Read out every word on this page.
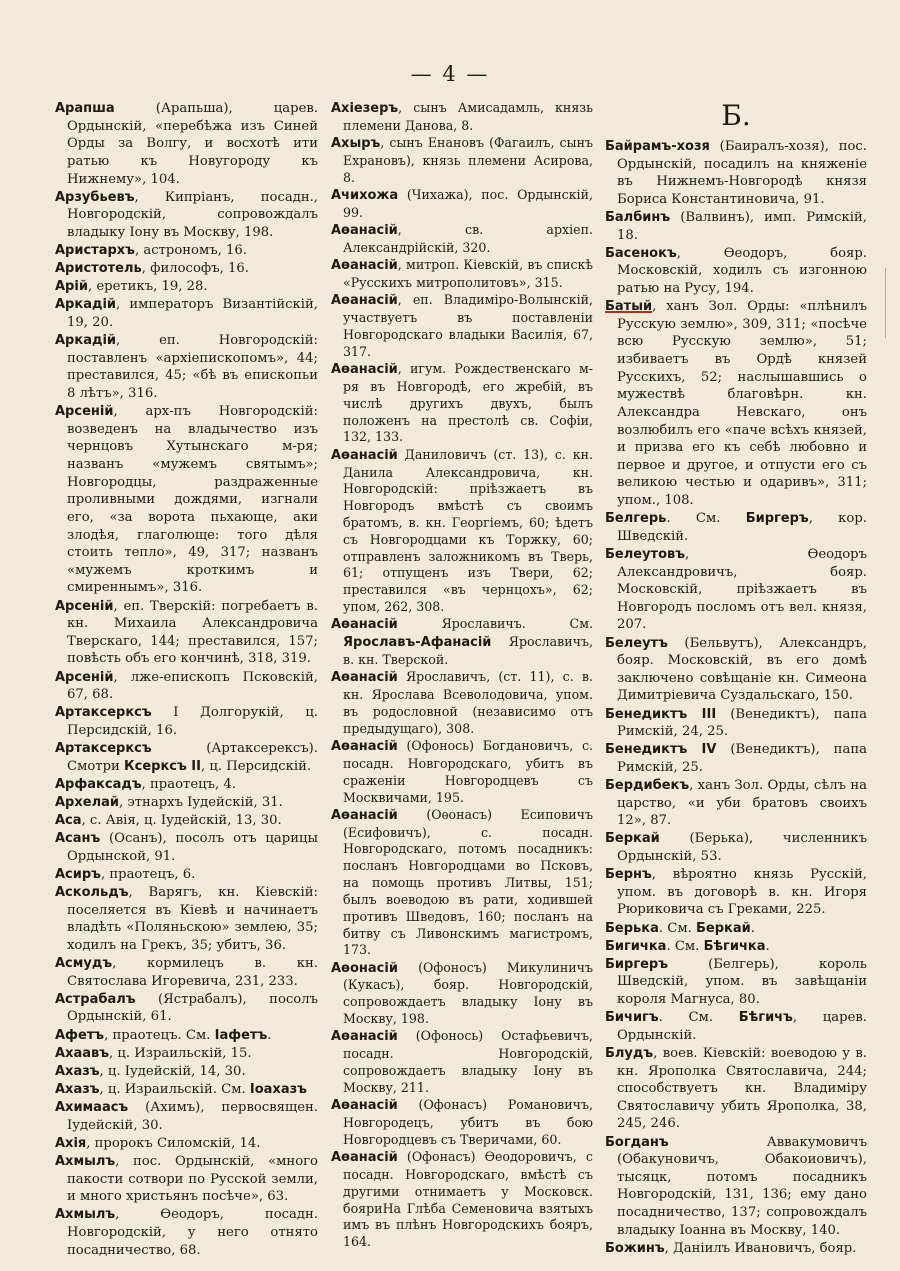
— 4 —

Арапша (Арапьша), царев. Ордынскій, «перебѣжа изъ Синей Орды за Волгу, и восхотѣ ити ратью къ Новугороду къ Нижнему», 104.

Арзубьевъ, Кипріанъ, посадн., Новгородскій, сопровождалъ владыку Іону въ Москву, 198.

Аристархъ, астрономъ, 16.

Аристотель, философъ, 16.

Арій, еретикъ, 19, 28.

Аркадій, императоръ Византійскій, 19, 20.

Аркадій, еп. Новгородскій: поставленъ «архіепископомъ», 44; преставился, 45; «бѣ въ епископьи 8 лѣтъ», 316.

Арсеній, арх-пъ Новгородскій: возведенъ на владычество изъ чернцовъ Хутынскаго м-ря; названъ «мужемъ святымъ»; Новгородцы, раздраженные проливными дождями, изгнали его, «за ворота пьхающе, аки злодѣя, глаголюще: того дѣля стоить тепло», 49, 317; названъ «мужемъ кроткимъ и смиреннымъ», 316.

Арсеній, еп. Тверскій: погребаетъ в. кн. Михаила Александровича Тверскаго, 144; преставился, 157; повѣсть объ его кончинѣ, 318, 319.

Арсеній, лже-епископъ Псковскій, 67, 68.

Артаксерксъ I Долгорукій, ц. Персидскій, 16.

Артаксерксъ (Артаксерексъ). Смотри Ксерксъ II, ц. Персидскій.

Арфаксадъ, праотецъ, 4.

Архелай, этнархъ Іудейскій, 31.

Аса, с. Авія, ц. Іудейскій, 13, 30.

Асанъ (Осанъ), посолъ отъ царицы Ордынской, 91.

Асиръ, праотецъ, 6.

Аскольдъ, Варягъ, кн. Кіевскій: поселяется въ Кіевѣ и начинаетъ владѣть «Поляньскою» землею, 35; ходилъ на Грекъ, 35; убитъ, 36.

Асмудъ, кормилецъ в. кн. Святослава Игоревича, 231, 233.

Астрабалъ (Ястрабалъ), посолъ Ордынскій, 61.

Афетъ, праотецъ. См. Іафетъ.

Ахаавъ, ц. Израильскій, 15.

Ахазъ, ц. Іудейскій, 14, 30.

Ахазъ, ц. Израильскій. См. Іоахазъ

Ахимаасъ (Ахимъ), первосвящен. Іудейскій, 30.

Ахія, пророкъ Силомскій, 14.

Ахмылъ, пос. Ордынскій, «много пакости сотвори по Русской земли, и много христьянъ посѣче», 63.

Ахмылъ, Ѳеодоръ, посадн. Новгородскій, у него отнято посадничество, 68.

Ахіезеръ, сынъ Амисадамль, князь племени Данова, 8.

Ахыръ, сынъ Енановъ (Фагаилъ, сынъ Ехрановъ), князь племени Асирова, 8.

Ачихожа (Чихажа), пос. Ордынскій, 99.

Аѳанасій, св. архіеп. Александрійскій, 320.

Аѳанасій, митроп. Кіевскій, въ спискѣ «Русскихъ митрополитовъ», 315.

Аѳанасій, еп. Владиміро-Волынскій, участвуетъ въ поставленіи Новгородскаго владыки Василія, 67, 317.

Аѳанасій, игум. Рождественскаго м-ря въ Новгородѣ, его жребій, въ числѣ другихъ двухъ, былъ положенъ на престолѣ св. Софіи, 132, 133.

Аѳанасій Даниловичъ (ст. 13), с. кн. Данила Александровича, кн. Новгородскій: пріѣзжаетъ въ Новгородъ вмѣстѣ съ своимъ братомъ, в. кн. Георгіемъ, 60; ѣдетъ съ Новгородцами къ Торжку, 60; отправленъ заложникомъ въ Тверь, 61; отпущенъ изъ Твери, 62; преставился «въ чернцохъ», 62; упом, 262, 308.

Аѳанасій Ярославичъ. См. Ярославъ-Афанасій Ярославичъ, в. кн. Тверской.

Аѳанасій Ярославичъ, (ст. 11), с. в. кн. Ярослава Всеволодовича, упом. въ родословной (независимо отъ предыдущаго), 308.

Аѳанасій (Офонось) Богдановичъ, с. посадн. Новгородскаго, убитъ въ сраженіи Новгородцевъ съ Москвичами, 195.

Аѳанасій (Оѳонасъ) Есиповичъ (Есифовичъ), с. посадн. Новгородскаго, потомъ посадникъ: посланъ Новгородцами во Псковъ, на помощь противъ Литвы, 151; былъ воеводою въ рати, ходившей противъ Шведовъ, 160; посланъ на битву съ Ливонскимъ магистромъ, 173.

Аѳонасій (Офоносъ) Микулиничъ (Кукасъ), бояр. Новгородскій, сопровождаетъ владыку Іону въ Москву, 198.

Аѳанасій (Офонось) Остафьевичъ, посадн. Новгородскій, сопровождаетъ владыку Іону въ Москву, 211.

Аѳанасій (Офонасъ) Романовичъ, Новгородецъ, убитъ въ бою Новгородцевъ съ Тверичами, 60.

Аѳанасій (Офонасъ) Ѳеодоровичъ, с посадн. Новгородскаго, вмѣстѣ съ другими отнимаетъ у Московск. бояриНа Глѣба Семеновича взятыхъ имъ въ плѣнъ Новгородскихъ бояръ, 164.

Б.

Байрамъ-хозя (Баиралъ-хозя), пос. Ордынскій, посадилъ на княженіе въ Нижнемъ-Новгородѣ князя Бориса Константиновича, 91.

Балбинъ (Валвинъ), имп. Римскій, 18.

Басенокъ, Ѳеодоръ, бояр. Московскій, ходилъ съ изгонною ратью на Русу, 194.

Батый, ханъ Зол. Орды: «плѣнилъ Русскую землю», 309, 311; «посѣче всю Русскую землю», 51; избиваетъ въ Ордѣ князей Русскихъ, 52; наслышавшись о мужествѣ благовѣрн. кн. Александра Невскаго, онъ возлюбилъ его «паче всѣхъ князей, и призва его къ себѣ любовно и первое и другое, и отпусти его съ великою честью и одаривъ», 311; упом., 108.

Белгерь. См. Биргеръ, кор. Шведскій.

Белеутовъ, Ѳеодоръ Александровичъ, бояр. Московскій, пріѣзжаетъ въ Новгородъ посломъ отъ вел. князя, 207.

Белеутъ (Бельвутъ), Александръ, бояр. Московскій, въ его домѣ заключено совѣщаніе кн. Симеона Димитріевича Суздальскаго, 150.

Бенедиктъ III (Венедиктъ), папа Римскій, 24, 25.

Бенедиктъ IV (Венедиктъ), папа Римскій, 25.

Бердибекъ, ханъ Зол. Орды, сѣлъ на царство, «и уби братовъ своихъ 12», 87.

Беркай (Берька), численникъ Ордынскій, 53.

Бернъ, вѣроятно князь Русскій, упом. въ договорѣ в. кн. Игоря Рюриковича съ Греками, 225.

Берька. См. Беркай.

Бигичка. См. Бѣгичка.

Биргеръ (Белгерь), король Шведскій, упом. въ завѣщаніи короля Магнуса, 80.

Бичигъ. См. Бѣгичъ, царев. Ордынскій.

Блудъ, воев. Кіевскій: воеводою у в. кн. Ярополка Святославича, 244; способствуетъ кн. Владиміру Святославичу убить Ярополка, 38, 245, 246.

Богданъ Аввакумовичъ (Обакуновичъ, Обакоиовичъ), тысяцк, потомъ посадникъ Новгородскій, 131, 136; ему дано посадничество, 137; сопровождалъ владыку Іоанна въ Москву, 140.

Божинъ, Даніилъ Ивановичъ, бояр.
